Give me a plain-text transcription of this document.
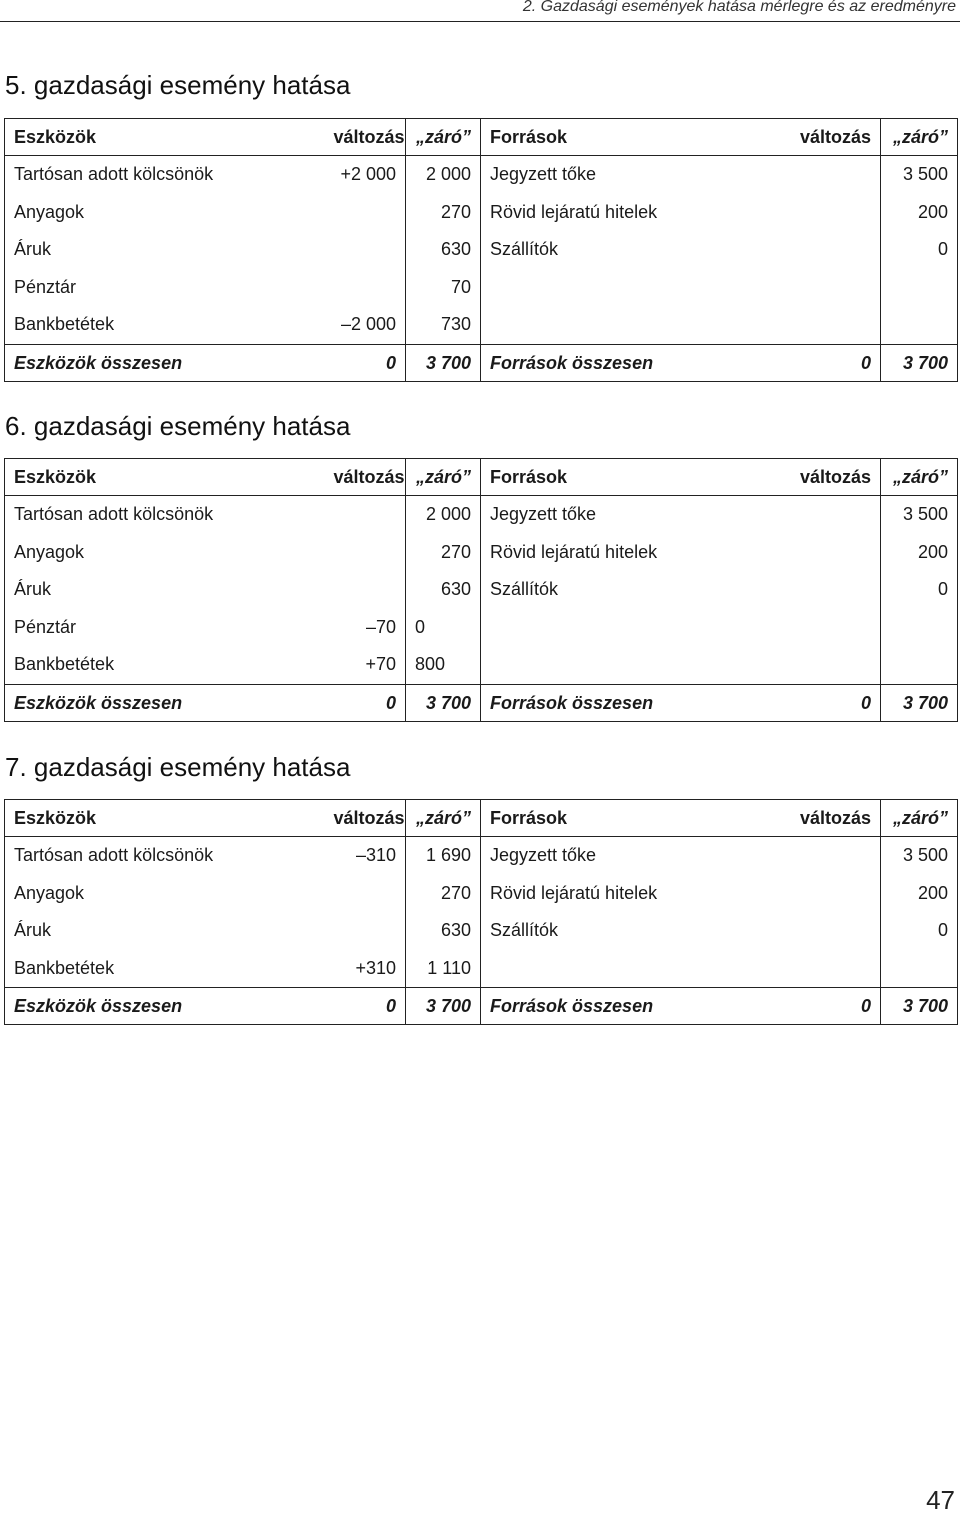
2. Gazdasági események hatása mérlegre és az eredményre
5. gazdasági esemény hatása
Eszközök	változás	„záró”	Források	változás	„záró”
Tartósan adott kölcsönök	+2 000	2 000	Jegyzett tőke		3 500
Anyagok		270	Rövid lejáratú hitelek		200
Áruk		630	Szállítók		0
Pénztár		70			
Bankbetétek	–2 000	730			
Eszközök összesen	0	3 700	Források összesen	0	3 700
6. gazdasági esemény hatása
Eszközök	változás	„záró”	Források	változás	„záró”
Tartósan adott kölcsönök		2 000	Jegyzett tőke		3 500
Anyagok		270	Rövid lejáratú hitelek		200
Áruk		630	Szállítók		0
Pénztár	–70	0			
Bankbetétek	+70	800			
Eszközök összesen	0	3 700	Források összesen	0	3 700
7. gazdasági esemény hatása
Eszközök	változás	„záró”	Források	változás	„záró”
Tartósan adott kölcsönök	–310	1 690	Jegyzett tőke		3 500
Anyagok		270	Rövid lejáratú hitelek		200
Áruk		630	Szállítók		0
Bankbetétek	+310	1 110			
Eszközök összesen	0	3 700	Források összesen	0	3 700
47
